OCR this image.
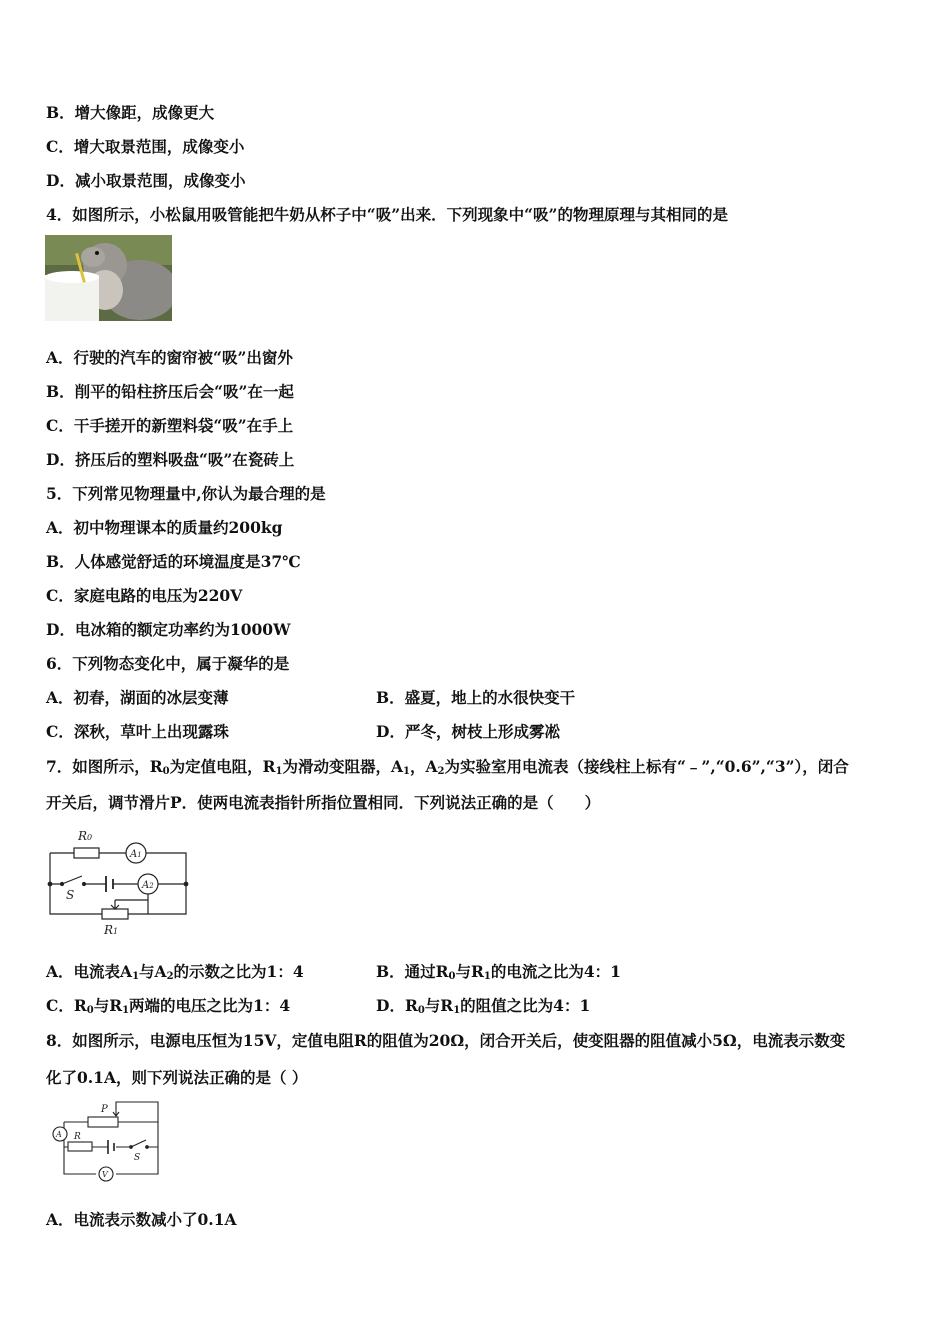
B．增大像距，成像更大
C．增大取景范围，成像变小
D．减小取景范围，成像变小
4．如图所示，小松鼠用吸管能把牛奶从杯子中“吸”出来．下列现象中“吸”的物理原理与其相同的是
A．行驶的汽车的窗帘被“吸”出窗外
B．削平的铅柱挤压后会“吸”在一起
C．干手搓开的新塑料袋“吸”在手上
D．挤压后的塑料吸盘“吸”在瓷砖上
5．下列常见物理量中,你认为最合理的是
A．初中物理课本的质量约200kg
B．人体感觉舒适的环境温度是37℃
C．家庭电路的电压为220V
D．电冰箱的额定功率约为1000W
6．下列物态变化中，属于凝华的是
A．初春，湖面的冰层变薄	B．盛夏，地上的水很快变干
C．深秋，草叶上出现露珠	D．严冬，树枝上形成雾凇
7．如图所示，$R_0$为定值电阻，$R_1$为滑动变阻器，$A_1$，$A_2$为实验室用电流表（接线柱上标有“﹣”,“0.6”,“3”），闭合
开关后，调节滑片P．使两电流表指针所指位置相同．下列说法正确的是（　　）
A1
R0
S
A2
R1
A．电流表$A_1$与$A_2$的示数之比为1：4	B．通过$R_0$与$R_1$的电流之比为4：1
C．$R_0$与$R_1$两端的电压之比为1：4	D．$R_0$与$R_1$的阻值之比为4：1
8．如图所示，电源电压恒为15V，定值电阻R的阻值为20Ω，闭合开关后，使变阻器的阻值减小5Ω，电流表示数变
化了0.1A，则下列说法正确的是（ ）
P
A R
S
V
A．电流表示数减小了0.1A
